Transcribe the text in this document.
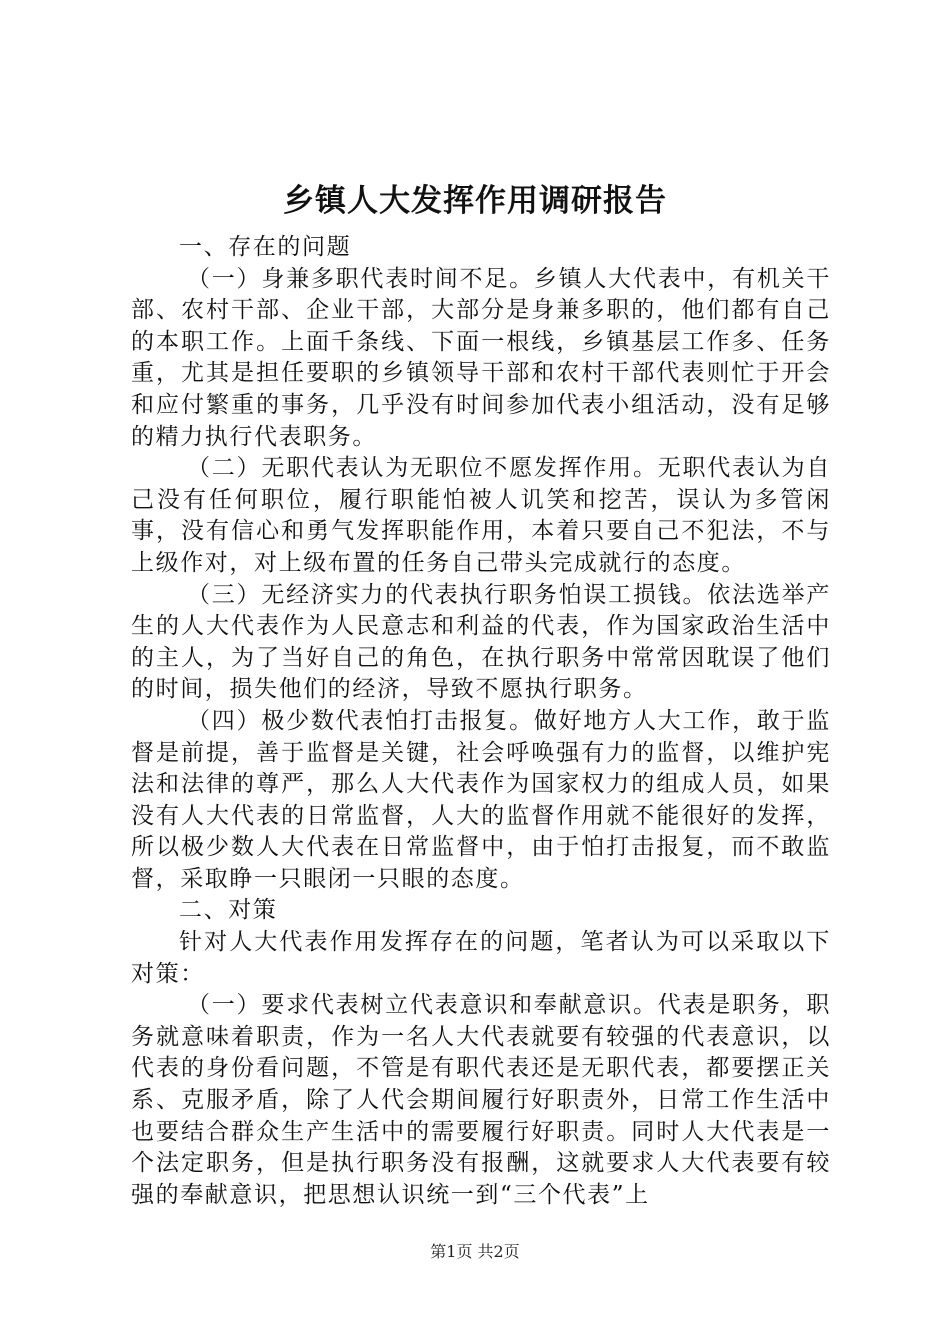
乡镇人大发挥作用调研报告

一、存在的问题

（一）身兼多职代表时间不足。乡镇人大代表中，有机关干部、农村干部、企业干部，大部分是身兼多职的，他们都有自己的本职工作。上面千条线、下面一根线，乡镇基层工作多、任务重，尤其是担任要职的乡镇领导干部和农村干部代表则忙于开会和应付繁重的事务，几乎没有时间参加代表小组活动，没有足够的精力执行代表职务。

（二）无职代表认为无职位不愿发挥作用。无职代表认为自己没有任何职位，履行职能怕被人讥笑和挖苦，误认为多管闲事，没有信心和勇气发挥职能作用，本着只要自己不犯法，不与上级作对，对上级布置的任务自己带头完成就行的态度。

（三）无经济实力的代表执行职务怕误工损钱。依法选举产生的人大代表作为人民意志和利益的代表，作为国家政治生活中的主人，为了当好自己的角色，在执行职务中常常因耽误了他们的时间，损失他们的经济，导致不愿执行职务。

（四）极少数代表怕打击报复。做好地方人大工作，敢于监督是前提，善于监督是关键，社会呼唤强有力的监督，以维护宪法和法律的尊严，那么人大代表作为国家权力的组成人员，如果没有人大代表的日常监督，人大的监督作用就不能很好的发挥，所以极少数人大代表在日常监督中，由于怕打击报复，而不敢监督，采取睁一只眼闭一只眼的态度。

二、对策

针对人大代表作用发挥存在的问题，笔者认为可以采取以下对策：

（一）要求代表树立代表意识和奉献意识。代表是职务，职务就意味着职责，作为一名人大代表就要有较强的代表意识，以代表的身份看问题，不管是有职代表还是无职代表，都要摆正关系、克服矛盾，除了人代会期间履行好职责外，日常工作生活中也要结合群众生产生活中的需要履行好职责。同时人大代表是一个法定职务，但是执行职务没有报酬，这就要求人大代表要有较强的奉献意识，把思想认识统一到“三个代表”上

第1页 共2页
